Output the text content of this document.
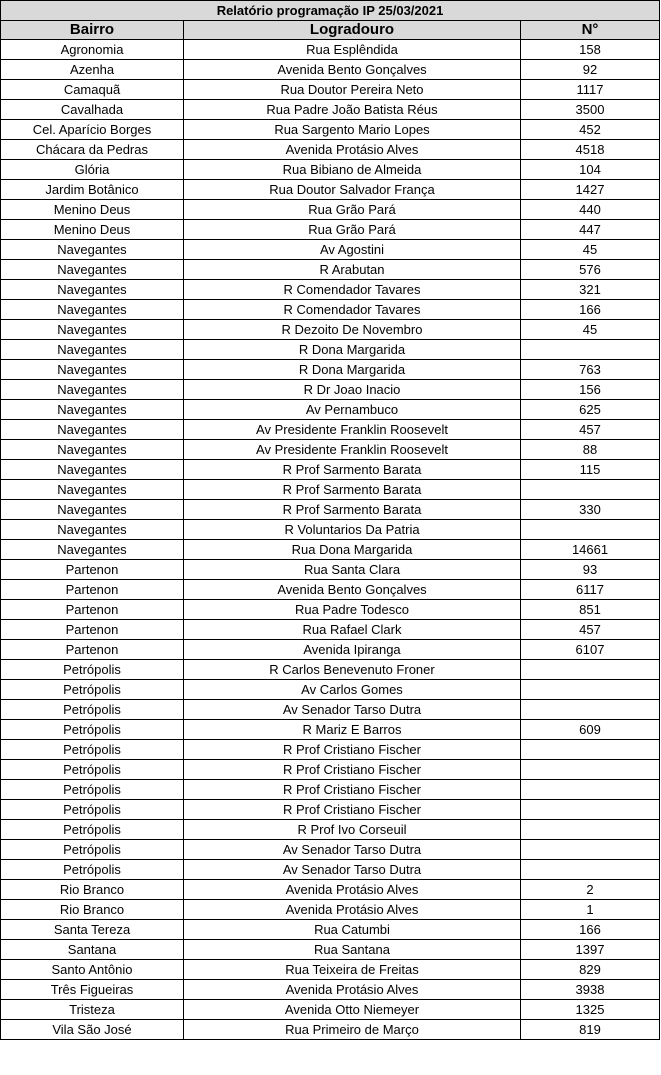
Relatório programação IP 25/03/2021		
Bairro	Logradouro	N°
Agronomia	Rua Esplêndida	158
Azenha	Avenida Bento Gonçalves	92
Camaquã	Rua Doutor Pereira Neto	1117
Cavalhada	Rua Padre João Batista Réus	3500
Cel. Aparício Borges	Rua Sargento Mario Lopes	452
Chácara da Pedras	Avenida Protásio Alves	4518
Glória	Rua Bibiano de Almeida	104
Jardim Botânico	Rua Doutor Salvador França	1427
Menino Deus	Rua Grão Pará	440
Menino Deus	Rua Grão Pará	447
Navegantes	Av Agostini	45
Navegantes	R Arabutan	576
Navegantes	R Comendador Tavares	321
Navegantes	R Comendador Tavares	166
Navegantes	R Dezoito De Novembro	45
Navegantes	R Dona Margarida	
Navegantes	R Dona Margarida	763
Navegantes	R Dr Joao Inacio	156
Navegantes	Av Pernambuco	625
Navegantes	Av Presidente Franklin Roosevelt	457
Navegantes	Av Presidente Franklin Roosevelt	88
Navegantes	R Prof Sarmento Barata	115
Navegantes	R Prof Sarmento Barata	
Navegantes	R Prof Sarmento Barata	330
Navegantes	R Voluntarios Da Patria	
Navegantes	Rua Dona Margarida	14661
Partenon	Rua Santa Clara	93
Partenon	Avenida Bento Gonçalves	6117
Partenon	Rua Padre Todesco	851
Partenon	Rua Rafael Clark	457
Partenon	Avenida Ipiranga	6107
Petrópolis	R Carlos Benevenuto Froner	
Petrópolis	Av Carlos Gomes	
Petrópolis	Av Senador Tarso Dutra	
Petrópolis	R Mariz E Barros	609
Petrópolis	R Prof Cristiano Fischer	
Petrópolis	R Prof Cristiano Fischer	
Petrópolis	R Prof Cristiano Fischer	
Petrópolis	R Prof Cristiano Fischer	
Petrópolis	R Prof Ivo Corseuil	
Petrópolis	Av Senador Tarso Dutra	
Petrópolis	Av Senador Tarso Dutra	
Rio Branco	Avenida Protásio Alves	2
Rio Branco	Avenida Protásio Alves	1
Santa Tereza	Rua Catumbi	166
Santana	Rua Santana	1397
Santo Antônio	Rua Teixeira de Freitas	829
Três Figueiras	Avenida Protásio Alves	3938
Tristeza	Avenida Otto Niemeyer	1325
Vila São José	Rua Primeiro de Março	819
